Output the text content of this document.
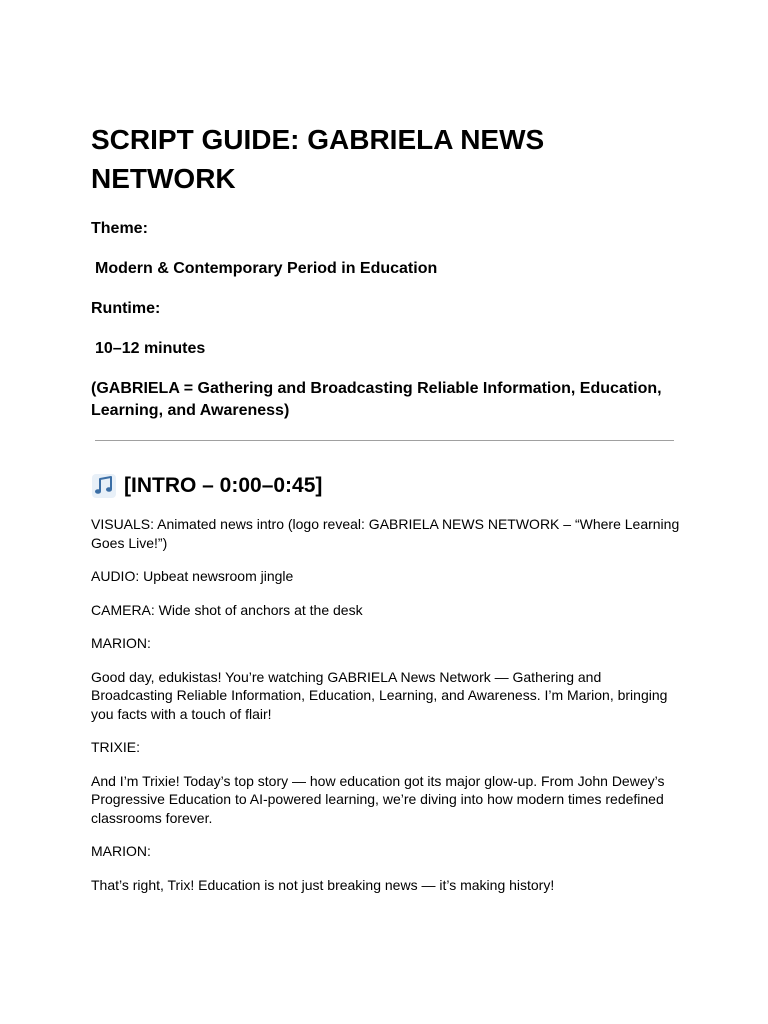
SCRIPT GUIDE: GABRIELA NEWS NETWORK

Theme:

Modern & Contemporary Period in Education

Runtime:

10–12 minutes

(GABRIELA = Gathering and Broadcasting Reliable Information, Education, Learning, and Awareness)

[INTRO – 0:00–0:45]

VISUALS: Animated news intro (logo reveal: GABRIELA NEWS NETWORK – “Where Learning Goes Live!”)

AUDIO: Upbeat newsroom jingle

CAMERA: Wide shot of anchors at the desk

MARION:

Good day, edukistas! You’re watching GABRIELA News Network — Gathering and Broadcasting Reliable Information, Education, Learning, and Awareness. I’m Marion, bringing you facts with a touch of flair!

TRIXIE:

And I’m Trixie! Today’s top story — how education got its major glow-up. From John Dewey’s Progressive Education to AI-powered learning, we’re diving into how modern times redefined classrooms forever.

MARION:

That’s right, Trix! Education is not just breaking news — it’s making history!
